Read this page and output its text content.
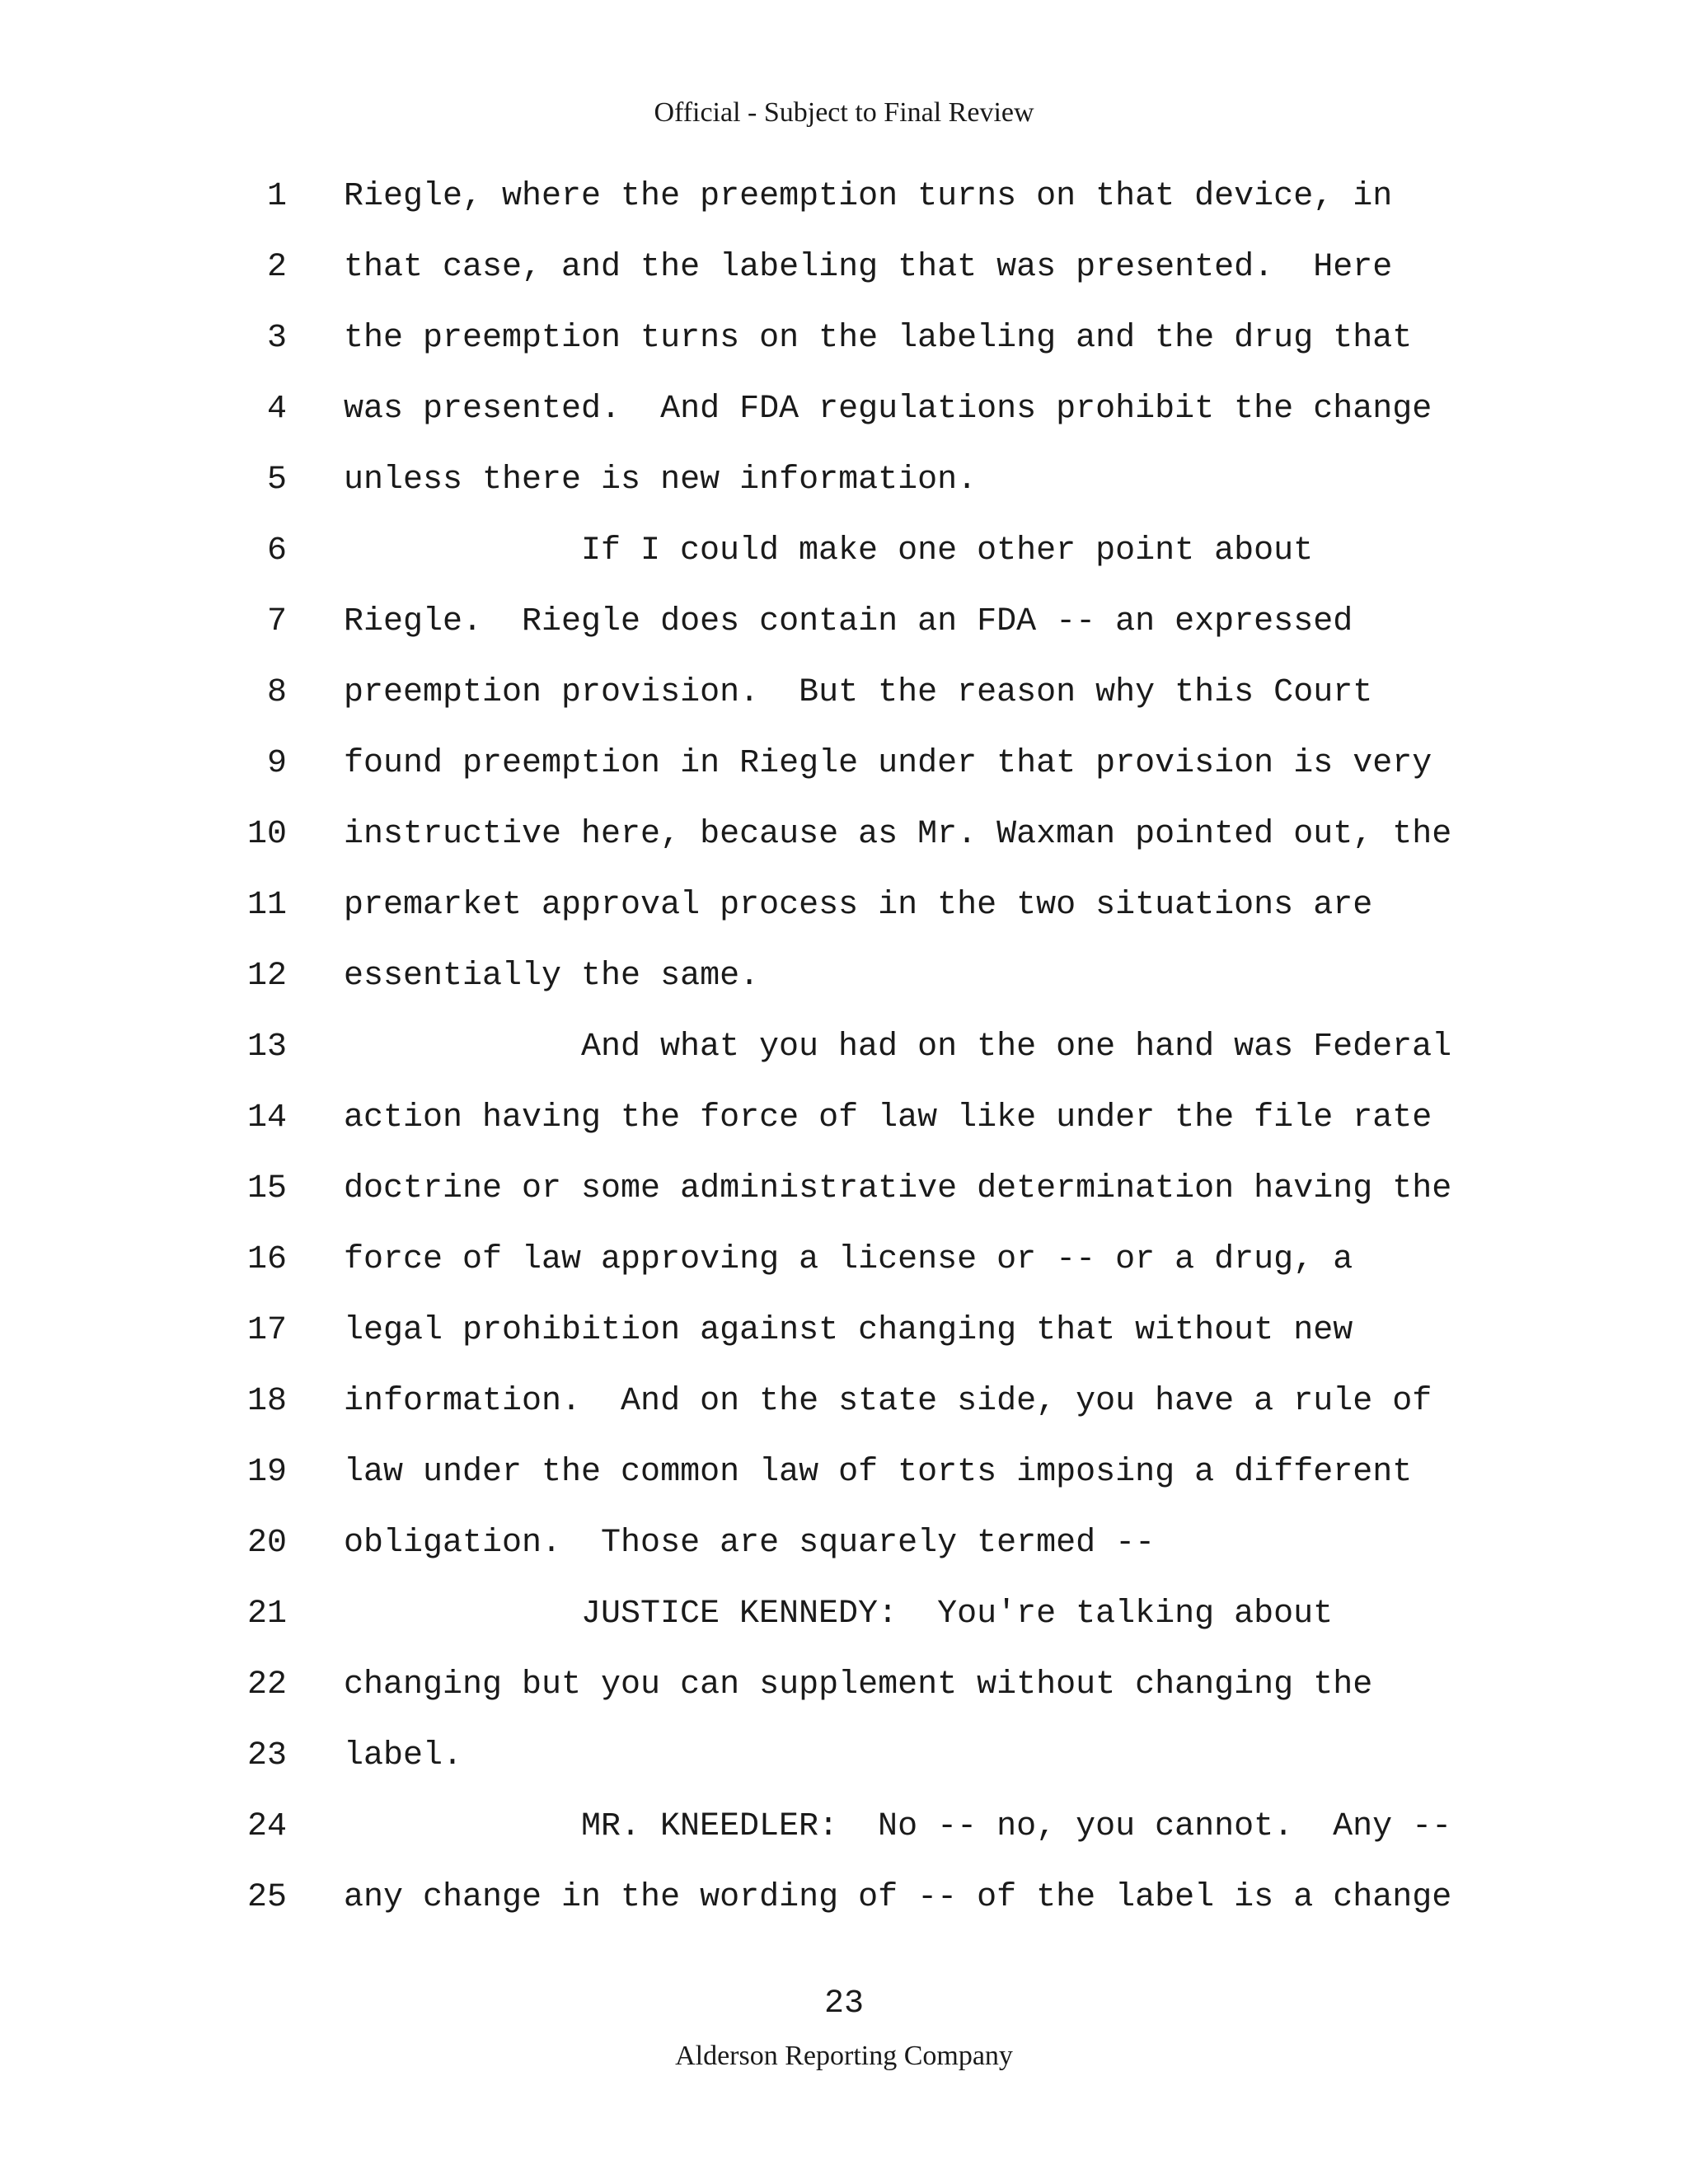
Official - Subject to Final Review
1 Riegle, where the preemption turns on that device, in
2 that case, and the labeling that was presented.  Here
3 the preemption turns on the labeling and the drug that
4 was presented.  And FDA regulations prohibit the change
5 unless there is new information.
6	If I could make one other point about
7 Riegle.  Riegle does contain an FDA -- an expressed
8 preemption provision.  But the reason why this Court
9 found preemption in Riegle under that provision is very
10 instructive here, because as Mr. Waxman pointed out, the
11 premarket approval process in the two situations are
12 essentially the same.
13	And what you had on the one hand was Federal
14 action having the force of law like under the file rate
15 doctrine or some administrative determination having the
16 force of law approving a license or -- or a drug, a
17 legal prohibition against changing that without new
18 information.  And on the state side, you have a rule of
19 law under the common law of torts imposing a different
20 obligation.  Those are squarely termed --
21	JUSTICE KENNEDY:  You're talking about
22 changing but you can supplement without changing the
23 label.
24	MR. KNEEDLER:  No -- no, you cannot.  Any --
25 any change in the wording of -- of the label is a change
23
Alderson Reporting Company
